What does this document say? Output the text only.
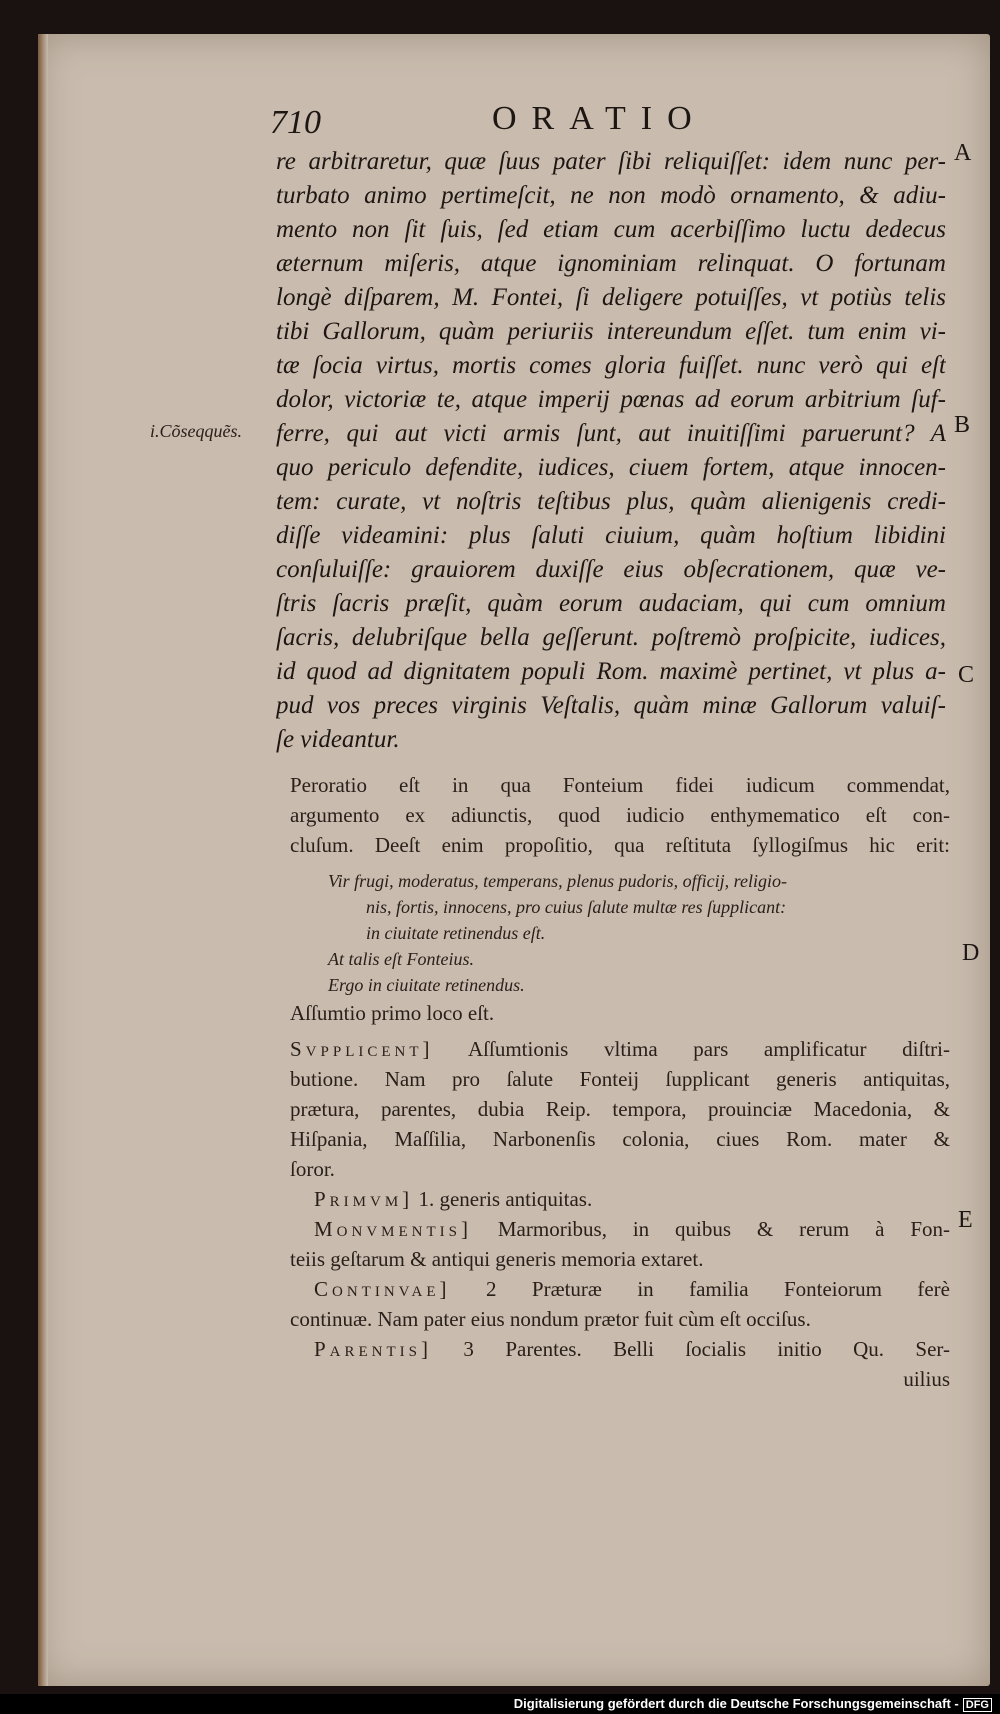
710	ORATIO
A
B
C
D
E
i.Cõseqquẽs.
re arbitraretur, quæ ſuus pater ſibi reliquiſſet: idem nunc per-
turbato animo pertimeſcit, ne non modò ornamento, & adiu-
mento non ſit ſuis, ſed etiam cum acerbiſſimo luctu dedecus
æternum miſeris, atque ignominiam relinquat. O fortunam
longè diſparem, M. Fontei, ſi deligere potuiſſes, vt potiùs telis
tibi Gallorum, quàm periuriis intereundum eſſet. tum enim vi-
tæ ſocia virtus, mortis comes gloria fuiſſet. nunc verò qui eſt
dolor, victoriæ te, atque imperij pœnas ad eorum arbitrium ſuf-
ferre, qui aut victi armis ſunt, aut inuitiſſimi paruerunt? A
quo periculo defendite, iudices, ciuem fortem, atque innocen-
tem: curate, vt noſtris teſtibus plus, quàm alienigenis credi-
diſſe videamini: plus ſaluti ciuium, quàm hoſtium libidini
conſuluiſſe: grauiorem duxiſſe eius obſecrationem, quæ ve-
ſtris ſacris præſit, quàm eorum audaciam, qui cum omnium
ſacris, delubriſque bella geſſerunt. poſtremò proſpicite, iudices,
id quod ad dignitatem populi Rom. maximè pertinet, vt plus a-
pud vos preces virginis Veſtalis, quàm minæ Gallorum valuiſ-
ſe videantur.
Peroratio eſt in qua Fonteium fidei iudicum commendat,
argumento ex adiunctis, quod iudicio enthymematico eſt con-
cluſum. Deeſt enim propoſitio, qua reſtituta ſyllogiſmus hic erit:
Vir frugi, moderatus, temperans, plenus pudoris, officij, religio-
nis, fortis, innocens, pro cuius ſalute multæ res ſupplicant:
in ciuitate retinendus eſt.
At talis eſt Fonteius.
Ergo in ciuitate retinendus.
Aſſumtio primo loco eſt.
Svpplicent] Aſſumtionis vltima pars amplificatur diſtri-
butione. Nam pro ſalute Fonteij ſupplicant generis antiquitas,
prætura, parentes, dubia Reip. tempora, prouinciæ Macedonia, &
Hiſpania, Maſſilia, Narbonenſis colonia, ciues Rom. mater &
ſoror.
Primvm] 1. generis antiquitas.
Monvmentis] Marmoribus, in quibus & rerum à Fon-
teiis geſtarum & antiqui generis memoria extaret.
Continvae] 2 Prӕturӕ in familia Fonteiorum ferè
continuæ. Nam pater eius nondum prætor fuit cùm eſt occiſus.
Parentis] 3 Parentes. Belli ſocialis initio Qu. Ser-
uilius
Digitalisierung gefördert durch die Deutsche Forschungsgemeinschaft - DFG
